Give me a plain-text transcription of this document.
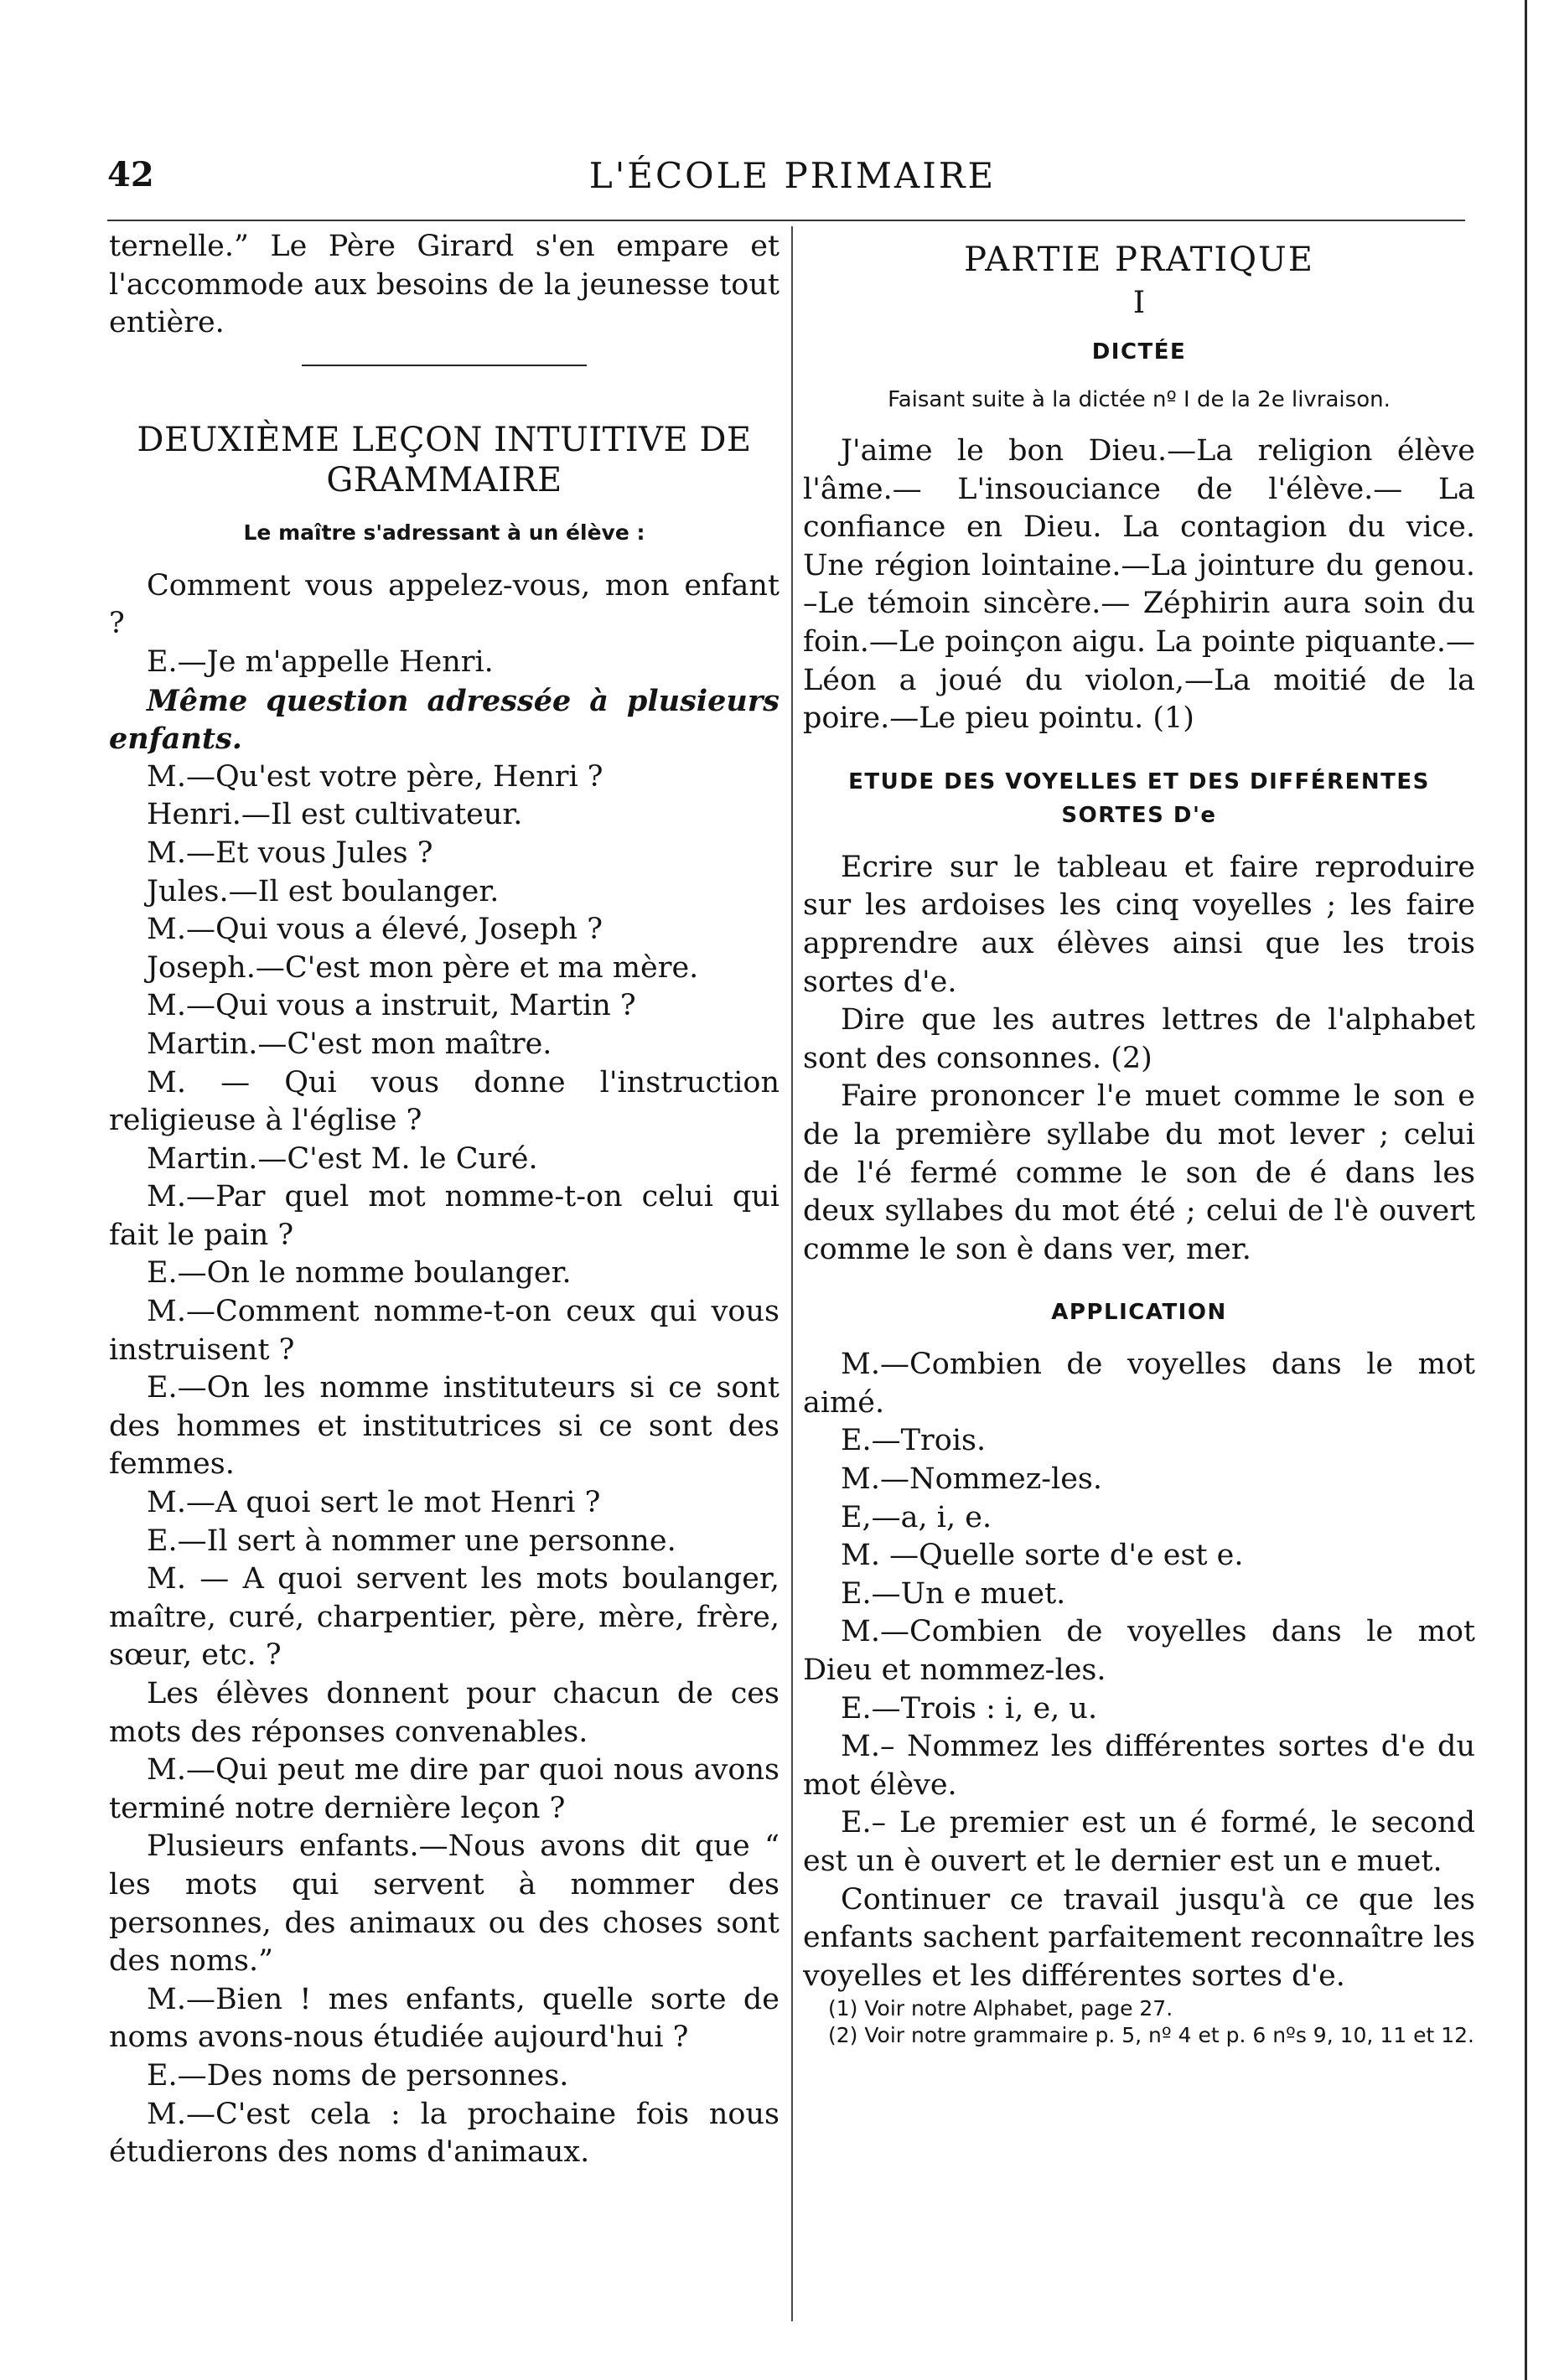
42	L'ÉCOLE PRIMAIRE

ternelle.” Le Père Girard s'en empare et l'accommode aux besoins de la jeunesse tout entière.

DEUXIÈME LEÇON INTUITIVE DE GRAMMAIRE
Le maître s'adressant à un élève :

Comment vous appelez-vous, mon enfant ?

E.—Je m'appelle Henri.

Même question adressée à plusieurs enfants.

M.—Qu'est votre père, Henri ?

Henri.—Il est cultivateur.

M.—Et vous Jules ?

Jules.—Il est boulanger.

M.—Qui vous a élevé, Joseph ?

Joseph.—C'est mon père et ma mère.

M.—Qui vous a instruit, Martin ?

Martin.—C'est mon maître.

M. — Qui vous donne l'instruction religieuse à l'église ?

Martin.—C'est M. le Curé.

M.—Par quel mot nomme-t-on celui qui fait le pain ?

E.—On le nomme boulanger.

M.—Comment nomme-t-on ceux qui vous instruisent ?

E.—On les nomme instituteurs si ce sont des hommes et institutrices si ce sont des femmes.

M.—A quoi sert le mot Henri ?

E.—Il sert à nommer une personne.

M. — A quoi servent les mots boulanger, maître, curé, charpentier, père, mère, frère, sœur, etc. ?

Les élèves donnent pour chacun de ces mots des réponses convenables.

M.—Qui peut me dire par quoi nous avons terminé notre dernière leçon ?

Plusieurs enfants.—Nous avons dit que “ les mots qui servent à nommer des personnes, des animaux ou des choses sont des noms.”

M.—Bien ! mes enfants, quelle sorte de noms avons-nous étudiée aujourd'hui ?

E.—Des noms de personnes.

M.—C'est cela : la prochaine fois nous étudierons des noms d'animaux.

PARTIE PRATIQUE
I
DICTÉE
Faisant suite à la dictée nº I de la 2e livraison.

J'aime le bon Dieu.—La religion élève l'âme.— L'insouciance de l'élève.— La confiance en Dieu. La contagion du vice. Une région lointaine.—La jointure du genou. –Le témoin sincère.— Zéphirin aura soin du foin.—Le poinçon aigu. La pointe piquante.—Léon a joué du violon,—La moitié de la poire.—Le pieu pointu. (1)

ETUDE DES VOYELLES ET DES DIFFÉRENTES SORTES D'e

Ecrire sur le tableau et faire reproduire sur les ardoises les cinq voyelles ; les faire apprendre aux élèves ainsi que les trois sortes d'e.

Dire que les autres lettres de l'alphabet sont des consonnes. (2)

Faire prononcer l'e muet comme le son e de la première syllabe du mot lever ; celui de l'é fermé comme le son de é dans les deux syllabes du mot été ; celui de l'è ouvert comme le son è dans ver, mer.

APPLICATION

M.—Combien de voyelles dans le mot aimé.

E.—Trois.

M.—Nommez-les.

E,—a, i, e.

M. —Quelle sorte d'e est e.

E.—Un e muet.

M.—Combien de voyelles dans le mot Dieu et nommez-les.

E.—Trois : i, e, u.

M.– Nommez les différentes sortes d'e du mot élève.

E.– Le premier est un é formé, le second est un è ouvert et le dernier est un e muet.

Continuer ce travail jusqu'à ce que les enfants sachent parfaitement reconnaître les voyelles et les différentes sortes d'e.

(1) Voir notre Alphabet, page 27.

(2) Voir notre grammaire p. 5, nº 4 et p. 6 nºs 9, 10, 11 et 12.
